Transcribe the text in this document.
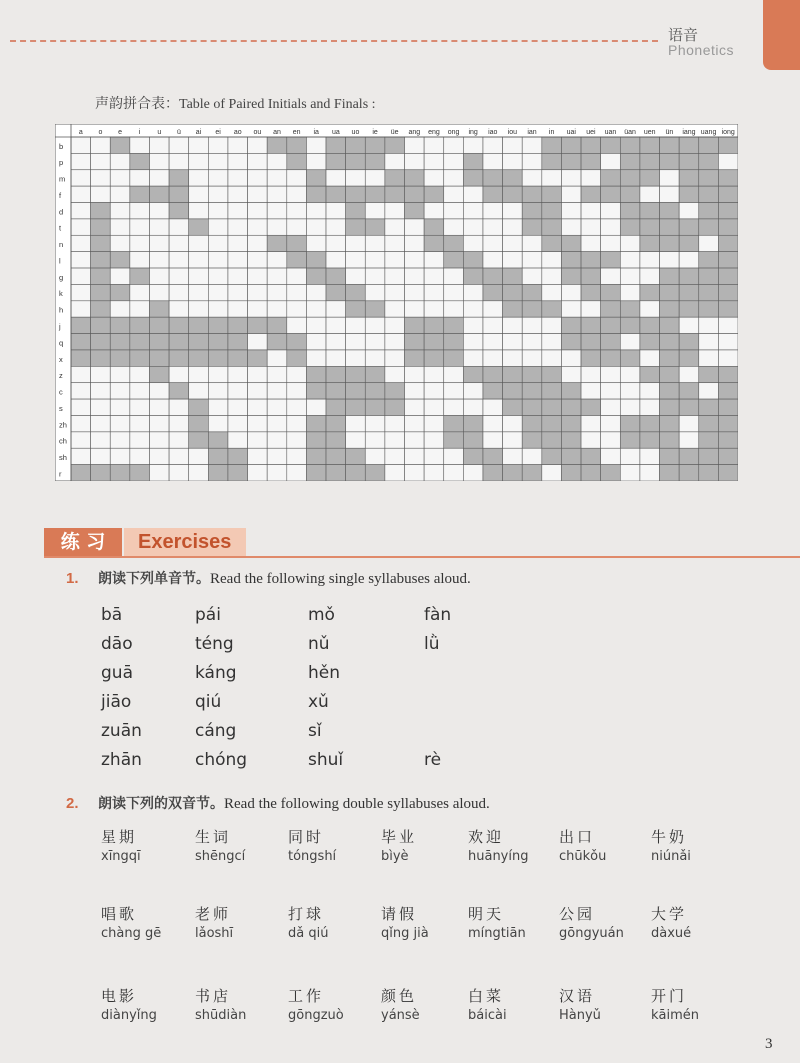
语音
Phonetics
声韵拼合表：Table of Paired Initials and Finals :
b
p
m
f
d
t
n
l
g
k
h
j
q
x
z
c
s
zh
ch
sh
r
a o e i u ü ai ei ao ou an en ia ua uo ie üe ang eng ong ing iao iou ian in uai uei uan üan uen ün iang uang iong
练 习	Exercises
1. 朗读下列单音节。Read the following single syllabuses aloud.
bā
dāo
guā
jiāo
zuān
zhān
pái
téng
káng
qiú
cáng
chóng
mǒ
nǔ
hěn
xǔ
sǐ
shuǐ
fàn
lǜ
rè
2. 朗读下列的双音节。Read the following double syllabuses aloud.
星期
xīngqī
生词
shēngcí
同时
tóngshí
毕业
bìyè
欢迎
huānyíng
出口
chūkǒu
牛奶
niúnǎi
唱歌
chàng gē
老师
lǎoshī
打球
dǎ qiú
请假
qǐng jià
明天
míngtiān
公园
gōngyuán
大学
dàxué
电影
diànyǐng
书店
shūdiàn
工作
gōngzuò
颜色
yánsè
白菜
báicài
汉语
Hànyǔ
开门
kāimén
3
